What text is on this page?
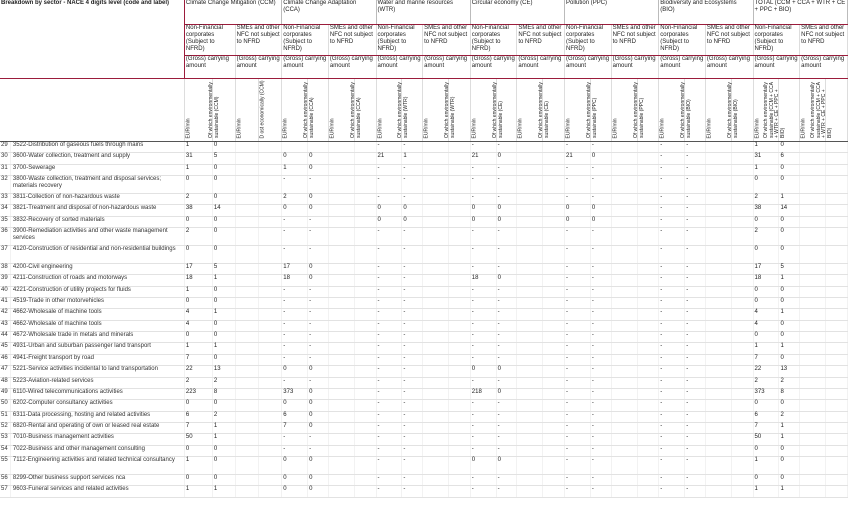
Breakdown by sector - NACE 4 digits level (code and label)		Climate Change Mitigation (CCM)				Climate Change Adaptation (CCA)				Water and marine resources (WTR)				Circular economy (CE)				Pollution (PPC)				Biodiversity and Ecosystems (BIO)				TOTAL (CCM + CCA + WTR + CE + PPC + BIO)			
		Non-Financial corporates (Subject to NFRD)		SMEs and other NFC not subject to NFRD		Non-Financial corporates (Subject to NFRD)		SMEs and other NFC not subject to NFRD		Non-Financial corporates (Subject to NFRD)		SMEs and other NFC not subject to NFRD		Non-Financial corporates (Subject to NFRD)		SMEs and other NFC not subject to NFRD		Non-Financial corporates (Subject to NFRD)		SMEs and other NFC not subject to NFRD		Non-Financial corporates (Subject to NFRD)		SMEs and other NFC not subject to NFRD		Non-Financial corporates (Subject to NFRD)		SMEs and other NFC not subject to NFRD	
		(Gross) carrying amount		(Gross) carrying amount		(Gross) carrying amount		(Gross) carrying amount		(Gross) carrying amount		(Gross) carrying amount		(Gross) carrying amount		(Gross) carrying amount		(Gross) carrying amount		(Gross) carrying amount		(Gross) carrying amount		(Gross) carrying amount		(Gross) carrying amount		(Gross) carrying amount	

		EUR/mln	Of which environmentally sustainable (CCM)	EUR/mln	D ost economically (CCM)	EUR/mln	Of which environmentally sustainable (CCA)	EUR/mln	Of which environmentally sustainable (CCA)	EUR/mln	Of which environmentally sustainable (WTR)	EUR/mln	Of which environmentally sustainable (WTR)	EUR/mln	Of which environmentally sustainable (CE)	EUR/mln	Of which environmentally sustainable (CE)	EUR/mln	Of which environmentally sustainable (PPC)	EUR/mln	Of which environmentally sustainable (PPC)	EUR/mln	Of which environmentally sustainable (BIO)	EUR/mln	Of which environmentally sustainable (BIO)	EUR/mln	Of which environmentally sustainable (CCM + CCA + WTR + CE + PPC + BIO)	EUR/mln	Of which environmentally sustainable (CCM + CCA + WTR + CE + PPC + BIO)

29	3522-Distribution of gaseous fuels through mains	1	0							-	-			-	-			-	-			-	-			1	0		
30	3600-Water collection, treatment and supply	31	5			0	0			21	1			21	0			21	0			-	-			31	6		
31	3700-Sewerage	1	0			1	0			-	-			-	-			-	-			-	-			1	0		
32	3800-Waste collection, treatment and disposal services; materials recovery	0	0			-	-			-	-			-	-			-	-			-	-			0	0		
33	3811-Collection of non-hazardous waste	2	0			2	0			-	-			-	-			-	-			-	-			2	1		
34	3821-Treatment and disposal of non-hazardous waste	38	14			0	0			0	0			0	0			0	0			-	-			38	14		
35	3832-Recovery of sorted materials	0	0			-	-			0	0			0	0			0	0			-	-			0	0		
36	3900-Remediation activities and other waste management services	2	0			-	-			-	-			-	-			-	-			-	-			2	0		
37	4120-Construction of residential and non-residential buildings	0	0			-	-			-	-			-	-			-	-			-	-			0	0		
38	4200-Civil engineering	17	5			17	0			-	-			-	-			-	-			-	-			17	5		
39	4211-Construction of roads and motorways	18	1			18	0			-	-			18	0			-	-			-	-			18	1		
40	4221-Construction of utility projects for fluids	1	0			-	-			-	-			-	-			-	-			-	-			0	0		
41	4519-Trade in other motorvehicles	0	0			-	-			-	-			-	-			-	-			-	-			0	0		
42	4662-Wholesale of machine tools	4	1			-	-			-	-			-	-			-	-			-	-			4	1		
43	4662-Wholesale of machine tools	4	0			-	-			-	-			-	-			-	-			-	-			4	0		
44	4672-Wholesale trade in metals and minerals	0	0			-	-			-	-			-	-			-	-			-	-			0	0		
45	4931-Urban and suburban passenger land transport	1	1			-	-			-	-			-	-			-	-			-	-			1	1		
46	4941-Freight transport by road	7	0			-	-			-	-			-	-			-	-			-	-			7	0		
47	5221-Service activities incidental to land transportation	22	13			0	0			-	-			0	0			-	-			-	-			22	13		
48	5223-Aviation-related services	2	2			-	-			-	-			-	-			-	-			-	-			2	2		
49	6110-Wired telecommunications activities	223	8			373	0			-	-			218	0			-	-			-	-			373	8		
50	6202-Computer consultancy activities	0	0			0	0			-	-			-	-			-	-			-	-			0	0		
51	6311-Data processing, hosting and related activities	6	2			6	0			-	-			-	-			-	-			-	-			6	2		
52	6820-Rental and operating of own or leased real estate	7	1			7	0			-	-			-	-			-	-			-	-			7	1		
53	7010-Business management activities	50	1			-	-			-	-			-	-			-	-			-	-			50	1		
54	7022-Business and other management consulting	0	0			-	-			-	-			-	-			-	-			-	-			0	0		
55	7112-Engineering activities and related technical consultancy	1	0			0	0			-	-			0	0			-	-			-	-			1	0		
56	8299-Other business support services nca	0	0			0	0			-	-			-	-			-	-			-	-			0	0		
57	9603-Funeral services and related activities	1	1			0	0			-	-			-	-			-	-			-	-			1	1		
